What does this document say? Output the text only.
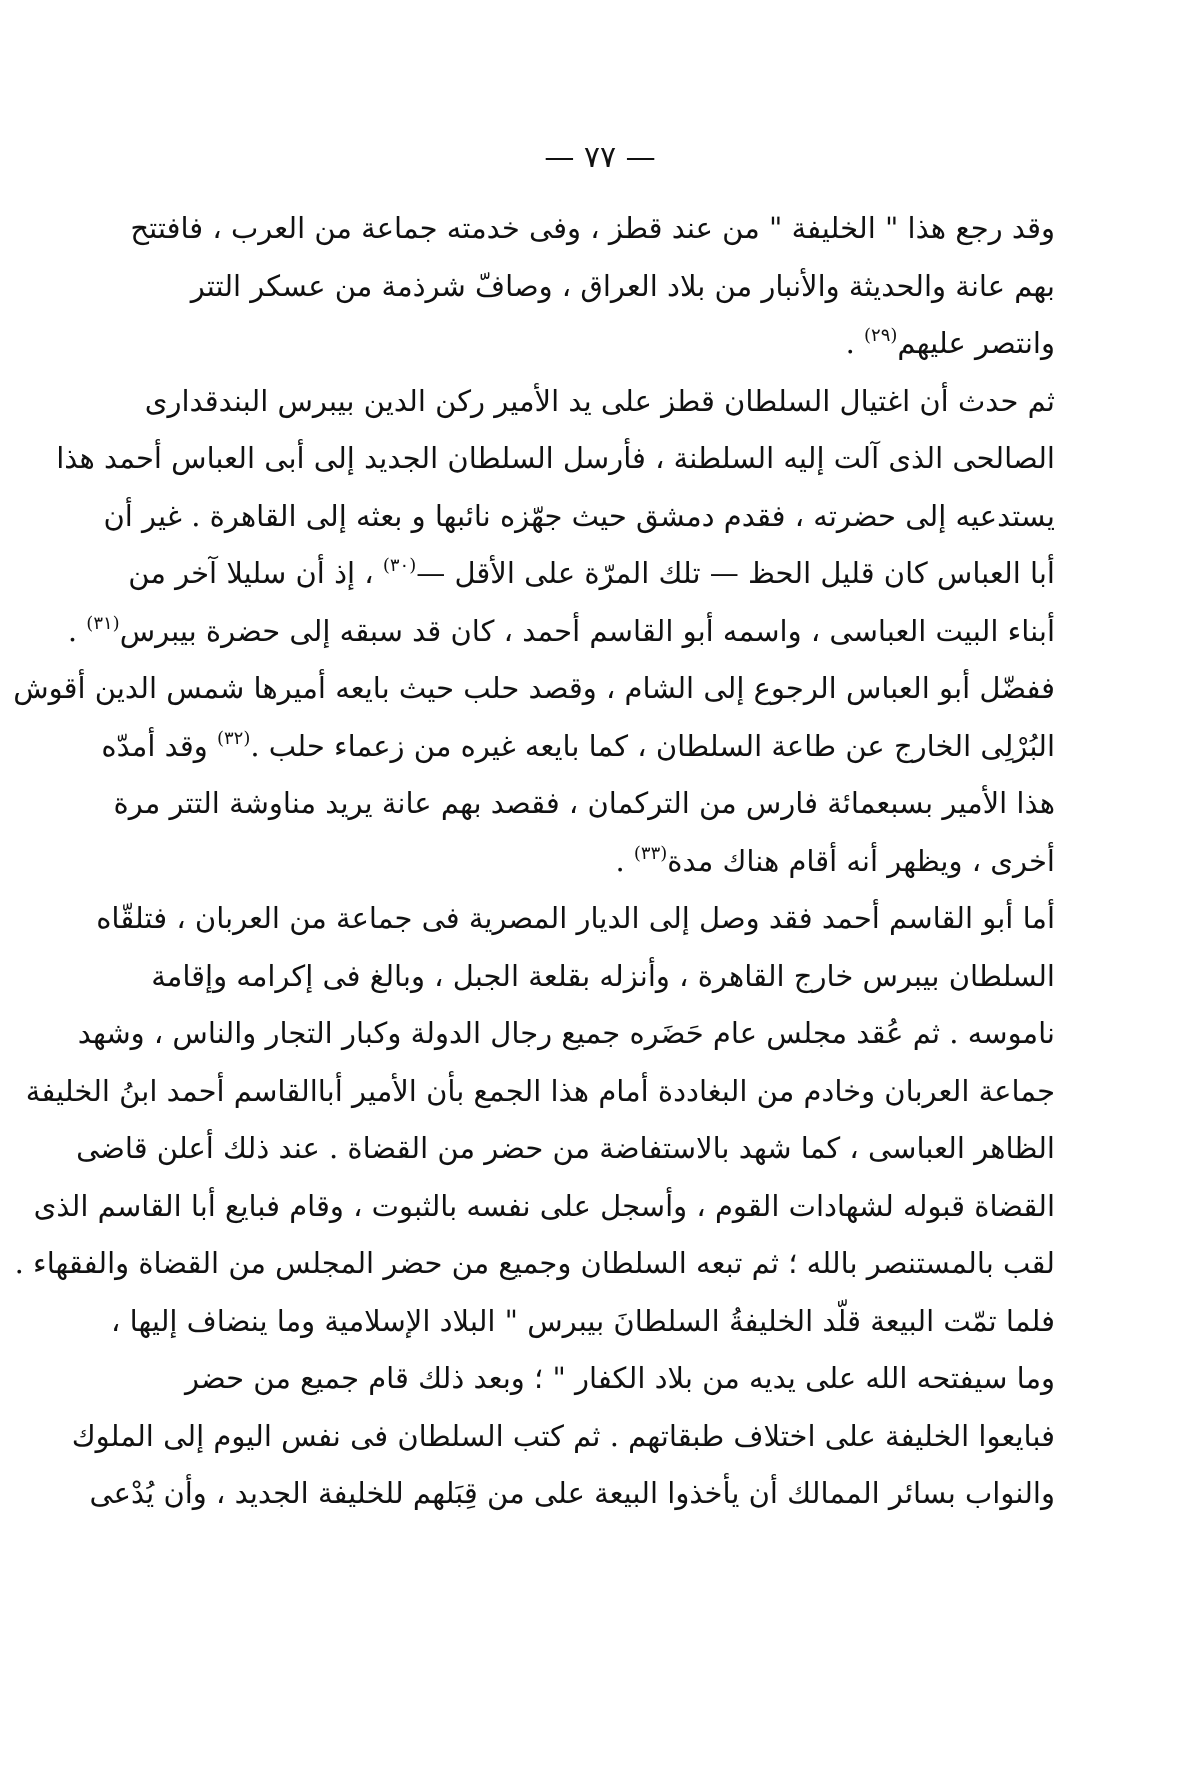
— ٧٧ —
وقد رجع هذا " الخليفة " من عند قطز ، وفى خدمته جماعة من العرب ، فافتتح
بهم عانة والحديثة والأنبار من بلاد العراق ، وصافّ شرذمة من عسكر التتر
وانتصر عليهم$^{(٢٩)}$ .
ثم حدث أن اغتيال السلطان قطز على يد الأمير ركن الدين بيبرس البندقدارى
الصالحى الذى آلت إليه السلطنة ، فأرسل السلطان الجديد إلى أبى العباس أحمد هذا
يستدعيه إلى حضرته ، فقدم دمشق حيث جهّزه نائبها و بعثه إلى القاهرة . غير أن
أبا العباس كان قليل الحظ — تلك المرّة على الأقل —$^{(٣٠)}$ ، إذ أن سليلا آخر من
أبناء البيت العباسى ، واسمه أبو القاسم أحمد ، كان قد سبقه إلى حضرة بيبرس$^{(٣١)}$ .
ففضّل أبو العباس الرجوع إلى الشام ، وقصد حلب حيث بايعه أميرها شمس الدين أقوش
البُرْلِى الخارج عن طاعة السلطان ، كما بايعه غيره من زعماء حلب .$^{(٣٢)}$ وقد أمدّه
هذا الأمير بسبعمائة فارس من التركمان ، فقصد بهم عانة يريد مناوشة التتر مرة
أخرى ، ويظهر أنه أقام هناك مدة$^{(٣٣)}$ .
أما أبو القاسم أحمد فقد وصل إلى الديار المصرية فى جماعة من العربان ، فتلقّاه
السلطان بيبرس خارج القاهرة ، وأنزله بقلعة الجبل ، وبالغ فى إكرامه وإقامة
ناموسه . ثم عُقد مجلس عام حَضَره جميع رجال الدولة وكبار التجار والناس ، وشهد
جماعة العربان وخادم من البغاددة أمام هذا الجمع بأن الأمير أباالقاسم أحمد ابنُ الخليفة
الظاهر العباسى ، كما شهد بالاستفاضة من حضر من القضاة . عند ذلك أعلن قاضى
القضاة قبوله لشهادات القوم ، وأسجل على نفسه بالثبوت ، وقام فبايع أبا القاسم الذى
لقب بالمستنصر بالله ؛ ثم تبعه السلطان وجميع من حضر المجلس من القضاة والفقهاء .
فلما تمّت البيعة قلّد الخليفةُ السلطانَ بيبرس " البلاد الإسلامية وما ينضاف إليها ،
وما سيفتحه الله على يديه من بلاد الكفار " ؛ وبعد ذلك قام جميع من حضر
فبايعوا الخليفة على اختلاف طبقاتهم . ثم كتب السلطان فى نفس اليوم إلى الملوك
والنواب بسائر الممالك أن يأخذوا البيعة على من قِبَلهم للخليفة الجديد ، وأن يُدْعى
